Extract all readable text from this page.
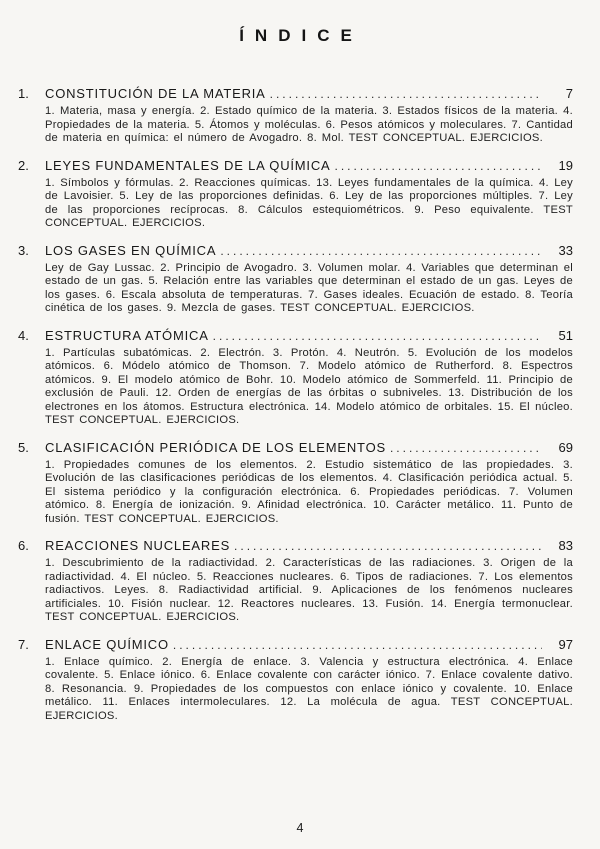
ÍNDICE
1.	CONSTITUCIÓN DE LA MATERIA .....	7

1. Materia, masa y energía. 2. Estado químico de la materia. 3. Estados físicos de la materia. 4. Propiedades de la materia. 5. Átomos y moléculas. 6. Pesos atómicos y moleculares. 7. Cantidad de materia en química: el número de Avogadro. 8. Mol. TEST CONCEPTUAL. EJERCICIOS.

2.	LEYES FUNDAMENTALES DE LA QUÍMICA .....	19

1. Símbolos y fórmulas. 2. Reacciones químicas. 13. Leyes fundamentales de la química. 4. Ley de Lavoisier. 5. Ley de las proporciones definidas. 6. Ley de las proporciones múltiples. 7. Ley de las proporciones recíprocas. 8. Cálculos estequiométricos. 9. Peso equivalente. TEST CONCEPTUAL. EJERCICIOS.

3.	LOS GASES EN QUÍMICA .....	33

Ley de Gay Lussac. 2. Principio de Avogadro. 3. Volumen molar. 4. Variables que determinan el estado de un gas. 5. Relación entre las variables que determinan el estado de un gas. Leyes de los gases. 6. Escala absoluta de temperaturas. 7. Gases ideales. Ecuación de estado. 8. Teoría cinética de los gases. 9. Mezcla de gases. TEST CONCEPTUAL. EJERCICIOS.

4.	ESTRUCTURA ATÓMICA .....	51

1. Partículas subatómicas. 2. Electrón. 3. Protón. 4. Neutrón. 5. Evolución de los modelos atómicos. 6. Módelo atómico de Thomson. 7. Modelo atómico de Rutherford. 8. Espectros atómicos. 9. El modelo atómico de Bohr. 10. Modelo atómico de Sommerfeld. 11. Principio de exclusión de Pauli. 12. Orden de energías de las órbitas o subniveles. 13. Distribución de los electrones en los átomos. Estructura electrónica. 14. Modelo atómico de orbitales. 15. El núcleo. TEST CONCEPTUAL. EJERCICIOS.

5.	CLASIFICACIÓN PERIÓDICA DE LOS ELEMENTOS .....	69

1. Propiedades comunes de los elementos. 2. Estudio sistemático de las propiedades. 3. Evolución de las clasificaciones periódicas de los elementos. 4. Clasificación periódica actual. 5. El sistema periódico y la configuración electrónica. 6. Propiedades periódicas. 7. Volumen atómico. 8. Energía de ionización. 9. Afinidad electrónica. 10. Carácter metálico. 11. Punto de fusión. TEST CONCEPTUAL. EJERCICIOS.

6.	REACCIONES NUCLEARES .....	83

1. Descubrimiento de la radiactividad. 2. Características de las radiaciones. 3. Origen de la radiactividad. 4. El núcleo. 5. Reacciones nucleares. 6. Tipos de radiaciones. 7. Los elementos radiactivos. Leyes. 8. Radiactividad artificial. 9. Aplicaciones de los fenómenos nucleares artificiales. 10. Fisión nuclear. 12. Reactores nucleares. 13. Fusión. 14. Energía termonuclear. TEST CONCEPTUAL. EJERCICIOS.

7.	ENLACE QUÍMICO .....	97

1. Enlace químico. 2. Energía de enlace. 3. Valencia y estructura electrónica. 4. Enlace covalente. 5. Enlace iónico. 6. Enlace covalente con carácter iónico. 7. Enlace covalente dativo. 8. Resonancia. 9. Propiedades de los compuestos con enlace iónico y covalente. 10. Enlace metálico. 11. Enlaces intermoleculares. 12. La molécula de agua. TEST CONCEPTUAL. EJERCICIOS.

4
